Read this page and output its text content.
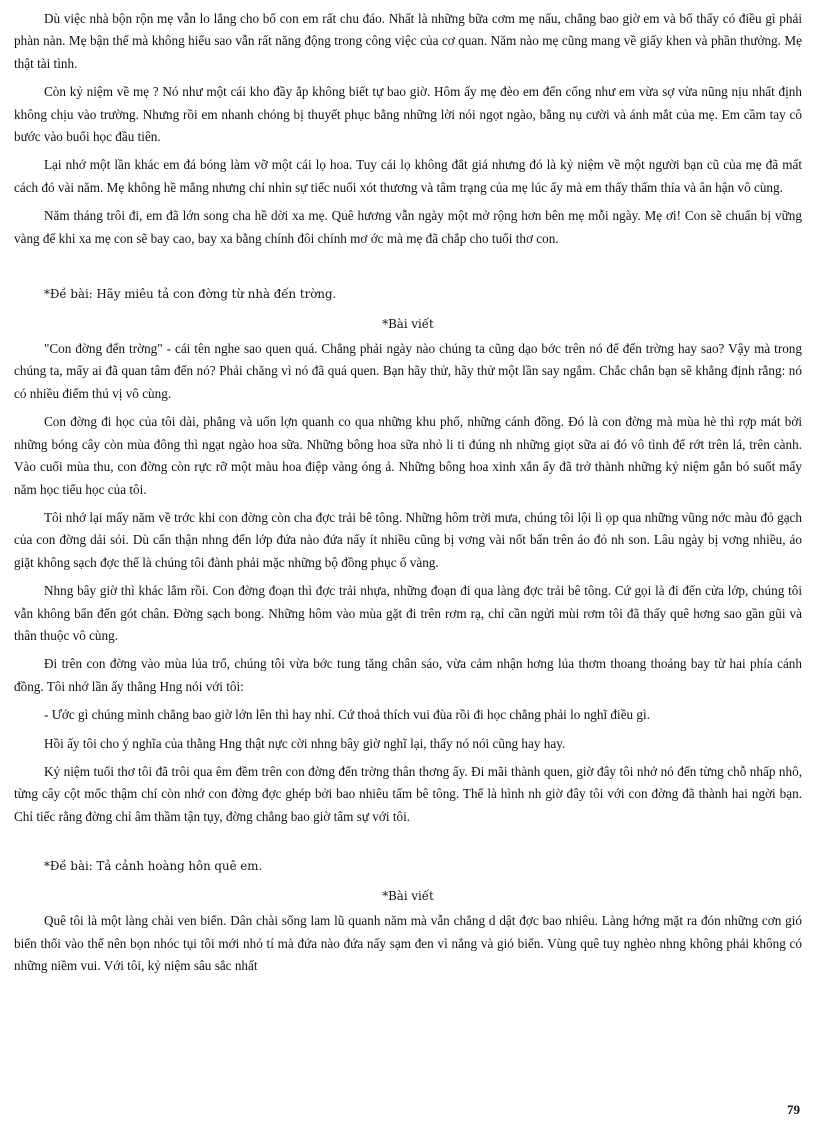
Dù việc nhà bộn rộn mẹ vẫn lo lắng cho bố con em rất chu đáo. Nhất là những bữa cơm mẹ nấu, chẳng bao giờ em và bố thấy có điều gì phải phàn nàn. Mẹ bận thế mà không hiểu sao vẫn rất năng động trong công việc của cơ quan. Năm nào mẹ cũng mang về giấy khen và phần thưởng. Mẹ thật tài tình.

Còn kỷ niệm về mẹ ? Nó như một cái kho đầy ắp không biết tự bao giờ. Hôm ấy mẹ đèo em đến cổng như em vừa sợ vừa nũng nịu nhất định không chịu vào trường. Nhưng rồi em nhanh chóng bị thuyết phục bằng những lời nói ngọt ngào, bằng nụ cười và ánh mắt của mẹ. Em cầm tay cô bước vào buổi học đầu tiên.

Lại nhớ một lần khác em đá bóng làm vỡ một cái lọ hoa. Tuy cái lọ không đắt giá nhưng đó là kỷ niệm về một người bạn cũ của mẹ đã mất cách đó vài năm. Mẹ không hề mắng nhưng chỉ nhìn sự tiếc nuối xót thương và tâm trạng của mẹ lúc ấy mà em thấy thấm thía và ân hận vô cùng.

Năm tháng trôi đi, em đã lớn song cha hề dời xa mẹ. Quê hương vẫn ngày một mở rộng hơn bên mẹ mỗi ngày. Mẹ ơi! Con sẽ chuẩn bị vững vàng để khi xa mẹ con sẽ bay cao, bay xa bằng chính đôi chính mơ ớc mà mẹ đã chắp cho tuổi thơ con.

*Đề bài: Hãy miêu tả con đờng từ nhà đến trờng.
*Bài viết

"Con đờng đến trờng" - cái tên nghe sao quen quá. Chẳng phải ngày nào chúng ta cũng dạo bớc trên nó để đến trờng hay sao? Vậy mà trong chúng ta, mấy ai đã quan tâm đến nó? Phải chăng vì nó đã quá quen. Bạn hãy thử, hãy thử một lần say ngắm. Chắc chắn bạn sẽ khẳng định rằng: nó có nhiều điểm thú vị vô cùng.

Con đờng đi học của tôi dài, phẳng và uốn lợn quanh co qua những khu phố, những cánh đồng. Đó là con đờng mà mùa hè thì rợp mát bởi những bóng cây còn mùa đông thì ngạt ngào hoa sữa. Những bông hoa sữa nhỏ li ti đúng nh những giọt sữa ai đó vô tình để rớt trên lá, trên cành. Vào cuối mùa thu, con đờng còn rực rỡ một màu hoa điệp vàng óng ả. Những bông hoa xinh xắn ấy đã trở thành những kỷ niệm gắn bó suốt mấy năm học tiểu học của tôi.

Tôi nhớ lại mấy năm về trớc khi con đờng còn cha đợc trải bê tông. Những hôm trời mưa, chúng tôi lội lì ọp qua những vũng nớc màu đỏ gạch của con đờng dải sỏi. Dù cẩn thận nhng đến lớp đứa nào đứa nấy ít nhiều cũng bị vơng vài nốt bẩn trên áo đỏ nh son. Lâu ngày bị vơng nhiều, áo giặt không sạch đợc thế là chúng tôi đành phải mặc những bộ đồng phục ố vàng.

Nhng bây giờ thì khác lắm rồi. Con đờng đoạn thì đợc trải nhựa, những đoạn đi qua làng đợc trải bê tông. Cứ gọi là đi đến cửa lớp, chúng tôi vẫn không bẩn đến gót chân. Đờng sạch bong. Những hôm vào mùa gặt đi trên rơm rạ, chỉ cần ngửi mùi rơm tôi đã thấy quê hơng sao gần gũi và thân thuộc vô cùng.

Đi trên con đờng vào mùa lúa trổ, chúng tôi vừa bớc tung tăng chân sáo, vừa cảm nhận hơng lúa thơm thoang thoảng bay từ hai phía cánh đồng. Tôi nhớ lần ấy thằng Hng nói với tôi:

- Ước gì chúng mình chẳng bao giờ lớn lên thì hay nhỉ. Cứ thoả thích vui đùa rồi đi học chẳng phải lo nghĩ điều gì.

Hồi ấy tôi cho ý nghĩa của thằng Hng thật nực cời nhng bây giờ nghĩ lại, thấy nó nói cũng hay hay.

Kỷ niệm tuổi thơ tôi đã trôi qua êm đềm trên con đờng đến trờng thân thơng ấy. Đi mãi thành quen, giờ đây tôi nhớ nó đến từng chỗ nhấp nhô, từng cây cột mốc thậm chí còn nhớ con đờng đợc ghép bởi bao nhiêu tấm bê tông. Thế là hình nh giờ đây tôi với con đờng đã thành hai ngời bạn. Chỉ tiếc rằng đờng chỉ âm thầm tận tụy, đờng chẳng bao giờ tâm sự với tôi.

*Đề bài: Tả cảnh hoàng hôn quê em.
*Bài viết

Quê tôi là một làng chài ven biển. Dân chài sống lam lũ quanh năm mà vẫn chẳng d dật đợc bao nhiêu. Làng hớng mặt ra đón những cơn gió biển thổi vào thế nên bọn nhóc tụi tôi mới nhỏ tí mà đứa nào đứa nấy sạm đen vì nắng và gió biển. Vùng quê tuy nghèo nhng không phải không có những niềm vui. Với tôi, kỷ niệm sâu sắc nhất

79
